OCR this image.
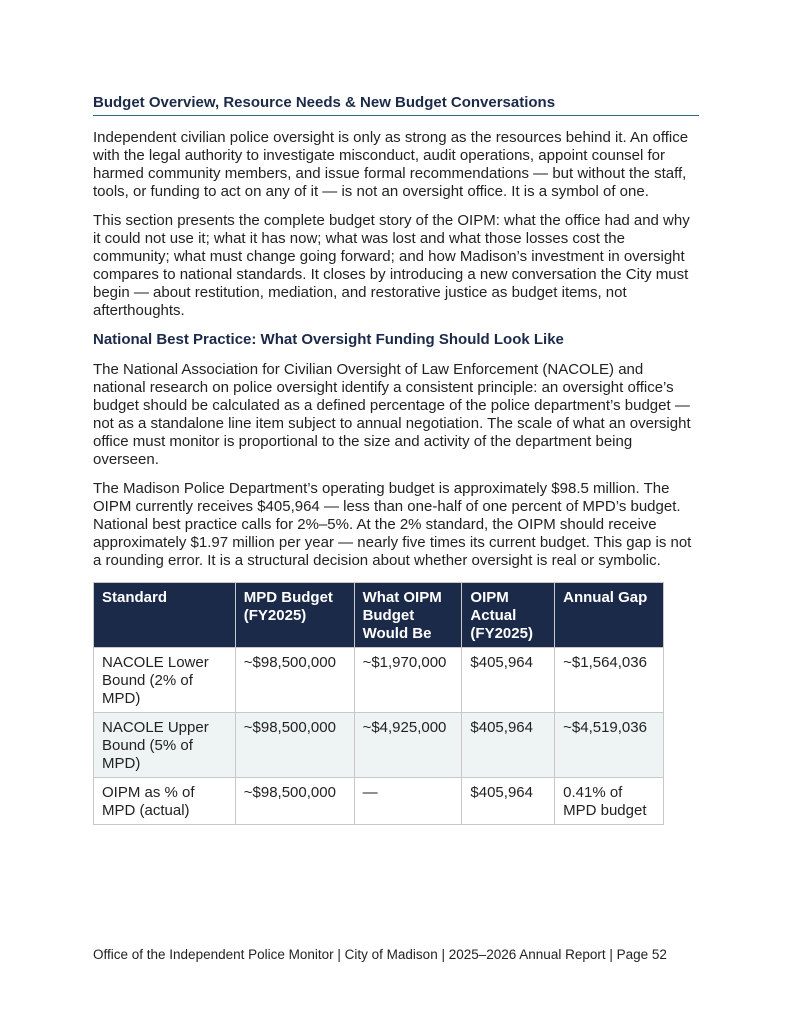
Budget Overview, Resource Needs & New Budget Conversations

Independent civilian police oversight is only as strong as the resources behind it. An office with the legal authority to investigate misconduct, audit operations, appoint counsel for harmed community members, and issue formal recommendations — but without the staff, tools, or funding to act on any of it — is not an oversight office. It is a symbol of one.

This section presents the complete budget story of the OIPM: what the office had and why it could not use it; what it has now; what was lost and what those losses cost the community; what must change going forward; and how Madison’s investment in oversight compares to national standards. It closes by introducing a new conversation the City must begin — about restitution, mediation, and restorative justice as budget items, not afterthoughts.

National Best Practice: What Oversight Funding Should Look Like

The National Association for Civilian Oversight of Law Enforcement (NACOLE) and national research on police oversight identify a consistent principle: an oversight office’s budget should be calculated as a defined percentage of the police department’s budget — not as a standalone line item subject to annual negotiation. The scale of what an oversight office must monitor is proportional to the size and activity of the department being overseen.

The Madison Police Department’s operating budget is approximately $98.5 million. The OIPM currently receives $405,964 — less than one-half of one percent of MPD’s budget. National best practice calls for 2%–5%. At the 2% standard, the OIPM should receive approximately $1.97 million per year — nearly five times its current budget. This gap is not a rounding error. It is a structural decision about whether oversight is real or symbolic.

Standard	MPD Budget (FY2025)	What OIPM Budget Would Be	OIPM Actual (FY2025)	Annual Gap
NACOLE Lower Bound (2% of MPD)	~$98,500,000	~$1,970,000	$405,964	~$1,564,036
NACOLE Upper Bound (5% of MPD)	~$98,500,000	~$4,925,000	$405,964	~$4,519,036
OIPM as % of MPD (actual)	~$98,500,000	—	$405,964	0.41% of MPD budget
Office of the Independent Police Monitor | City of Madison | 2025–2026 Annual Report | Page 52
